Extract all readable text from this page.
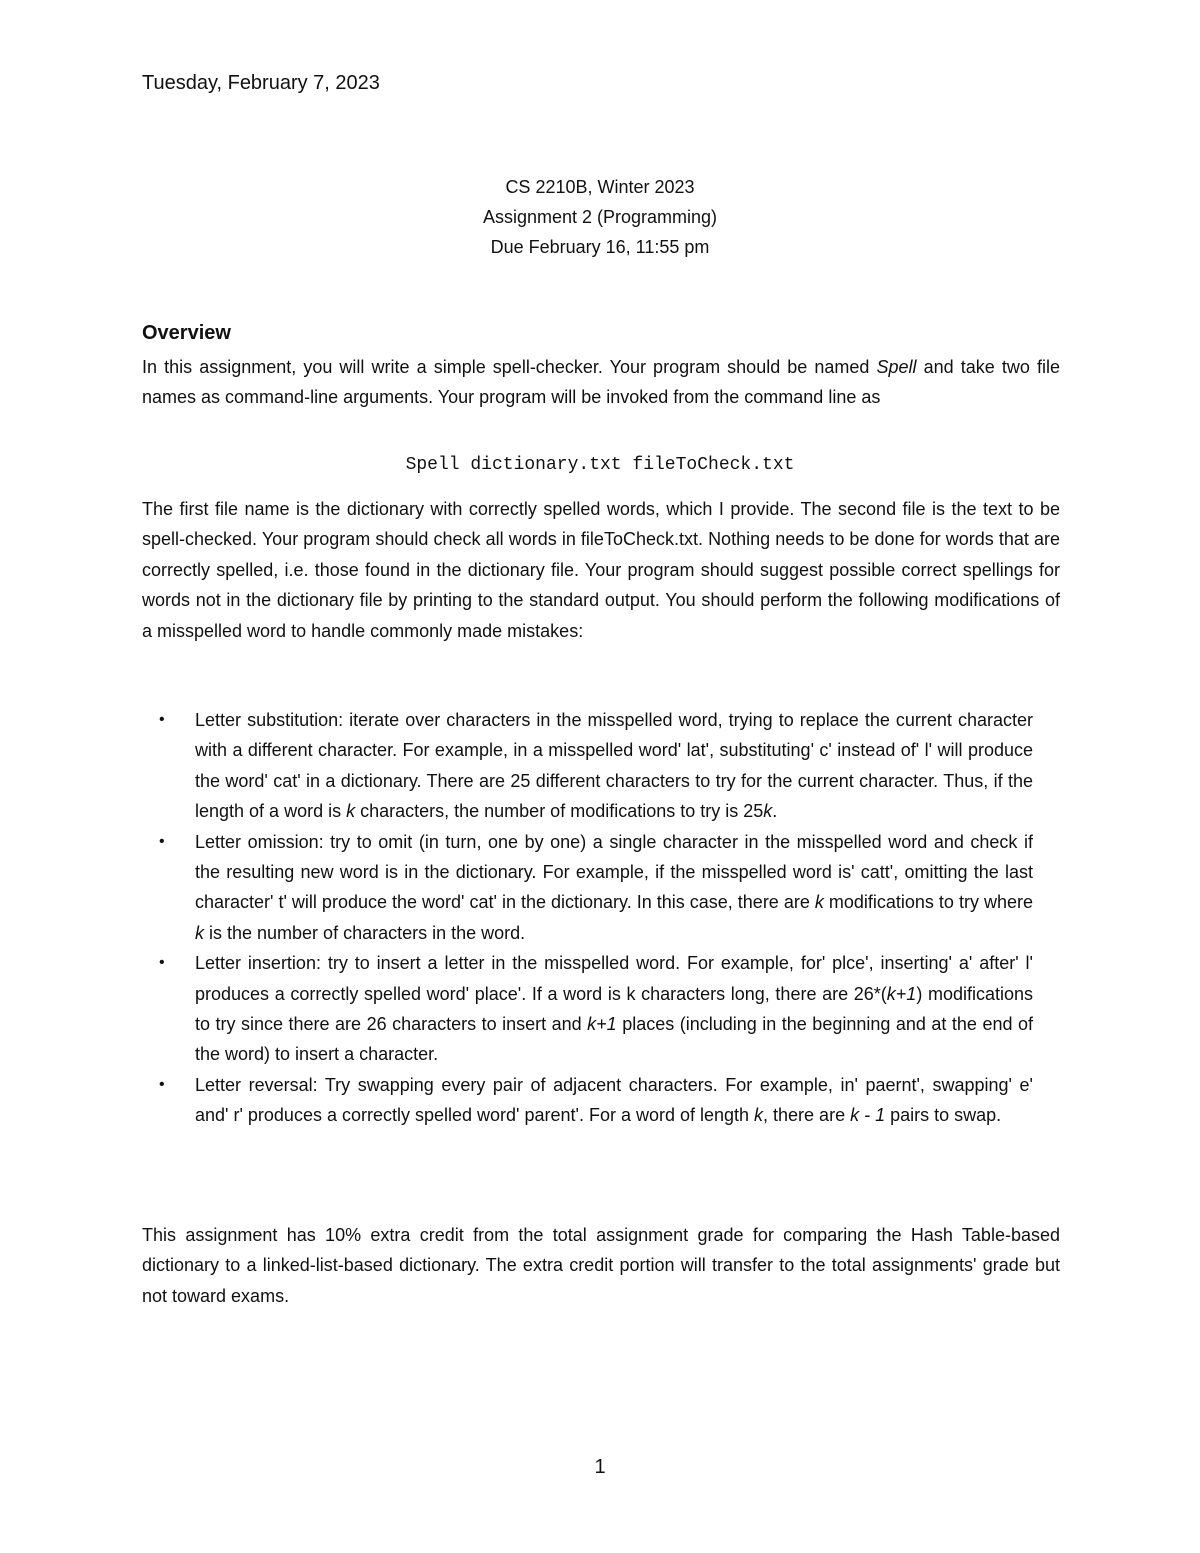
Tuesday, February 7, 2023
CS 2210B, Winter 2023
Assignment 2 (Programming)
Due February 16, 11:55 pm
Overview

In this assignment, you will write a simple spell-checker. Your program should be named Spell and take two file names as command-line arguments. Your program will be invoked from the command line as

Spell dictionary.txt fileToCheck.txt

The first file name is the dictionary with correctly spelled words, which I provide. The second file is the text to be spell-checked. Your program should check all words in fileToCheck.txt. Nothing needs to be done for words that are correctly spelled, i.e. those found in the dictionary file. Your program should suggest possible correct spellings for words not in the dictionary file by printing to the standard output. You should perform the following modifications of a misspelled word to handle commonly made mistakes:

• Letter substitution: iterate over characters in the misspelled word, trying to replace the current character with a different character. For example, in a misspelled word' lat', substituting' c' instead of' l' will produce the word' cat' in a dictionary. There are 25 different characters to try for the current character. Thus, if the length of a word is k characters, the number of modifications to try is 25k.
• Letter omission: try to omit (in turn, one by one) a single character in the misspelled word and check if the resulting new word is in the dictionary. For example, if the misspelled word is' catt', omitting the last character' t' will produce the word' cat' in the dictionary. In this case, there are k modifications to try where k is the number of characters in the word.
• Letter insertion: try to insert a letter in the misspelled word. For example, for' plce', inserting' a' after' l' produces a correctly spelled word' place'. If a word is k characters long, there are 26*(k+1) modifications to try since there are 26 characters to insert and k+1 places (including in the beginning and at the end of the word) to insert a character.
• Letter reversal: Try swapping every pair of adjacent characters. For example, in' paernt', swapping' e' and' r' produces a correctly spelled word' parent'. For a word of length k, there are k - 1 pairs to swap.

This assignment has 10% extra credit from the total assignment grade for comparing the Hash Table-based dictionary to a linked-list-based dictionary. The extra credit portion will transfer to the total assignments' grade but not toward exams.

1
